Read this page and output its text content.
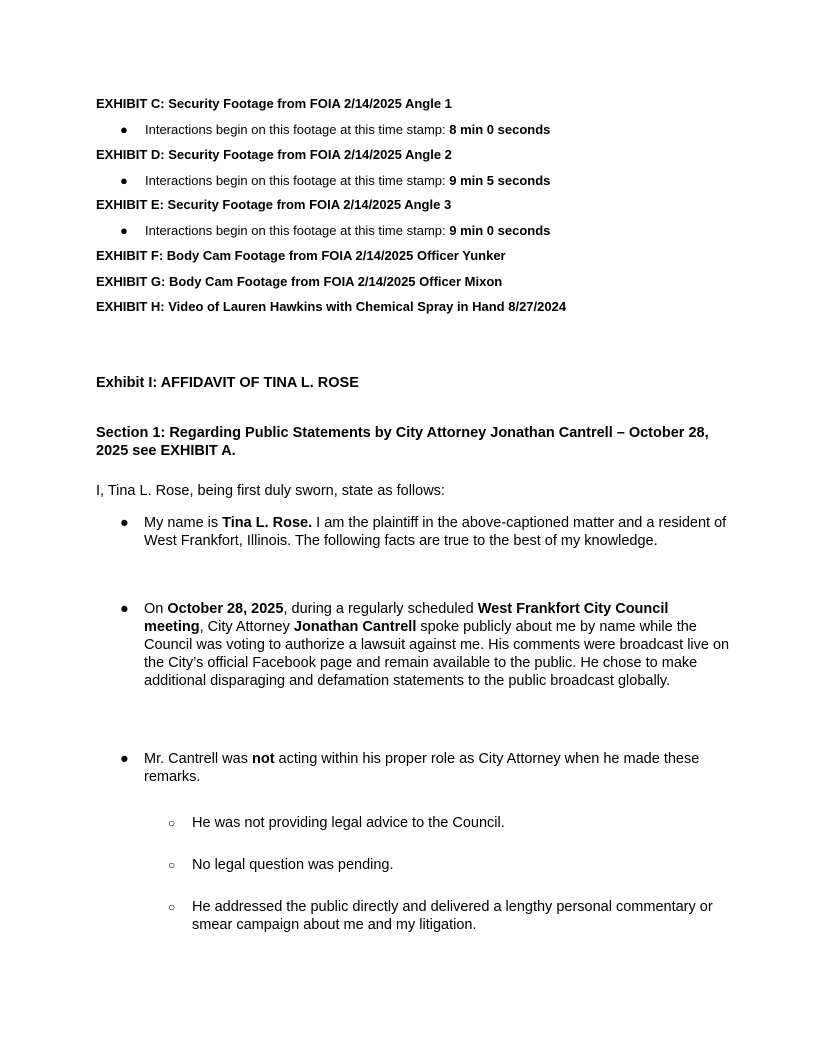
EXHIBIT C: Security Footage from FOIA 2/14/2025 Angle 1
● Interactions begin on this footage at this time stamp: 8 min 0 seconds
EXHIBIT D: Security Footage from FOIA 2/14/2025 Angle 2
● Interactions begin on this footage at this time stamp: 9 min 5 seconds
EXHIBIT E: Security Footage from FOIA 2/14/2025 Angle 3
● Interactions begin on this footage at this time stamp: 9 min 0 seconds
EXHIBIT F: Body Cam Footage from FOIA 2/14/2025 Officer Yunker
EXHIBIT G: Body Cam Footage from FOIA 2/14/2025 Officer Mixon
EXHIBIT H: Video of Lauren Hawkins with Chemical Spray in Hand 8/27/2024
Exhibit I: AFFIDAVIT OF TINA L. ROSE
Section 1: Regarding Public Statements by City Attorney Jonathan Cantrell – October 28, 2025 see EXHIBIT A.
I, Tina L. Rose, being first duly sworn, state as follows:
●	My name is Tina L. Rose. I am the plaintiff in the above-captioned matter and a resident of West Frankfort, Illinois. The following facts are true to the best of my knowledge.
●	On October 28, 2025, during a regularly scheduled West Frankfort City Council meeting, City Attorney Jonathan Cantrell spoke publicly about me by name while the Council was voting to authorize a lawsuit against me. His comments were broadcast live on the City’s official Facebook page and remain available to the public. He chose to make additional disparaging and defamation statements to the public broadcast globally.
●	Mr. Cantrell was not acting within his proper role as City Attorney when he made these remarks.
○	He was not providing legal advice to the Council.
○	No legal question was pending.
○	He addressed the public directly and delivered a lengthy personal commentary or smear campaign about me and my litigation.
